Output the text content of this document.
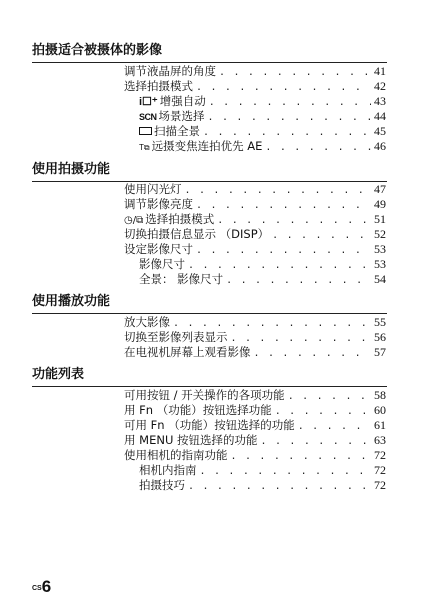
拍摄适合被摄体的影像
调节液晶屏的角度 . . .	41
选择拍摄模式 . . .	42
i☐⁺ 增强自动 . . .	43
SCN 场景选择 . . .	44
扫描全景 . . .	45
T⧉ 远摄变焦连拍优先 AE . . .	46
使用拍摄功能
使用闪光灯 . . .	47
调节影像亮度 . . .	49
◷/⧉ 选择拍摄模式 . . .	51
切换拍摄信息显示 （DISP） . . .	52
设定影像尺寸 . . .	53
影像尺寸 . . .	53
全景： 影像尺寸 . . .	54
使用播放功能
放大影像 . . .	55
切换至影像列表显示 . . .	56
在电视机屏幕上观看影像 . . .	57
功能列表
可用按钮 / 开关操作的各项功能 . . .	58
用 Fn （功能）按钮选择功能 . . .	60
可用 Fn （功能）按钮选择的功能 . . .	61
用 MENU 按钮选择的功能 . . .	63
使用相机的指南功能 . . .	72
相机内指南 . . .	72
拍摄技巧 . . .	72
CS 6
